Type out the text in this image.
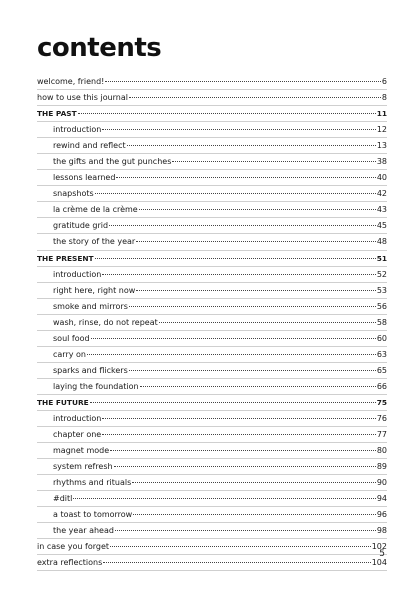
contents
welcome, friend!	6
how to use this journal	8
THE PAST	11
introduction	12
rewind and reflect	13
the gifts and the gut punches	38
lessons learned	40
snapshots	42
la crème de la crème	43
gratitude grid	45
the story of the year	48
THE PRESENT	51
introduction	52
right here, right now	53
smoke and mirrors	56
wash, rinse, do not repeat	58
soul food	60
carry on	63
sparks and flickers	65
laying the foundation	66
THE FUTURE	75
introduction	76
chapter one	77
magnet mode	80
system refresh	89
rhythms and rituals	90
#ditl	94
a toast to tomorrow	96
the year ahead	98
in case you forget	102
extra reflections	104
5
